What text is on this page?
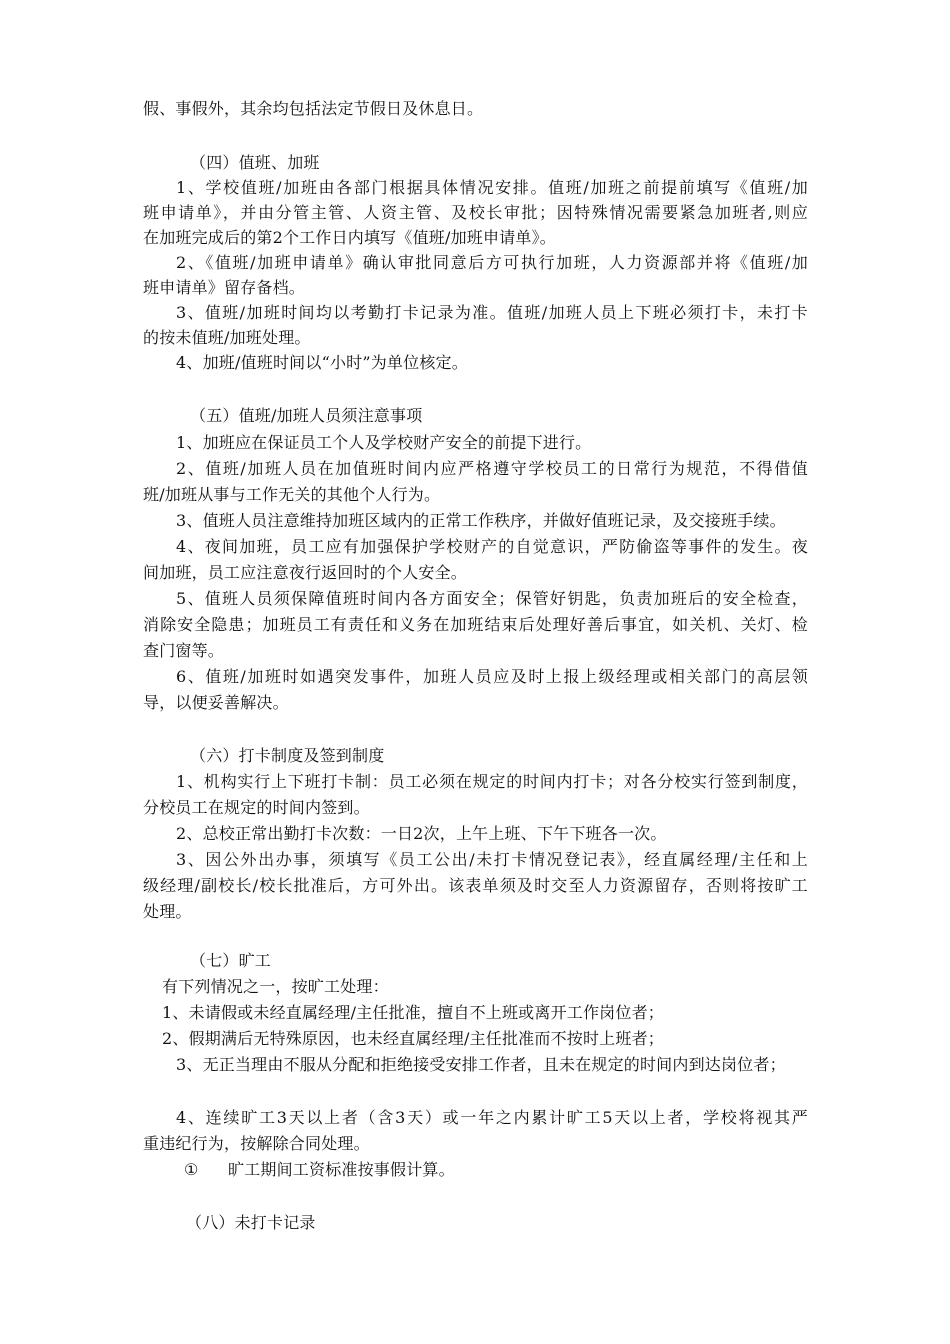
假、事假外，其余均包括法定节假日及休息日。
（四）值班、加班
1、学校值班/加班由各部门根据具体情况安排。值班/加班之前提前填写《值班/加
班申请单》，并由分管主管、人资主管、及校长审批；因特殊情况需要紧急加班者,则应
在加班完成后的第2个工作日内填写《值班/加班申请单》。
2、《值班/加班申请单》确认审批同意后方可执行加班，人力资源部并将《值班/加
班申请单》留存备档。
3、值班/加班时间均以考勤打卡记录为准。值班/加班人员上下班必须打卡，未打卡
的按未值班/加班处理。
4、加班/值班时间以“小时”为单位核定。
（五）值班/加班人员须注意事项
1、加班应在保证员工个人及学校财产安全的前提下进行。
2、值班/加班人员在加值班时间内应严格遵守学校员工的日常行为规范，不得借值
班/加班从事与工作无关的其他个人行为。
3、值班人员注意维持加班区域内的正常工作秩序，并做好值班记录，及交接班手续。
4、夜间加班，员工应有加强保护学校财产的自觉意识，严防偷盗等事件的发生。夜
间加班，员工应注意夜行返回时的个人安全。
5、值班人员须保障值班时间内各方面安全；保管好钥匙，负责加班后的安全检查，
消除安全隐患；加班员工有责任和义务在加班结束后处理好善后事宜，如关机、关灯、检
查门窗等。
6、值班/加班时如遇突发事件，加班人员应及时上报上级经理或相关部门的高层领
导，以便妥善解决。
（六）打卡制度及签到制度
1、机构实行上下班打卡制：员工必须在规定的时间内打卡；对各分校实行签到制度，
分校员工在规定的时间内签到。
2、总校正常出勤打卡次数：一日2次，上午上班、下午下班各一次。
3、因公外出办事，须填写《员工公出/未打卡情况登记表》，经直属经理/主任和上
级经理/副校长/校长批准后，方可外出。该表单须及时交至人力资源留存，否则将按旷工
处理。
（七）旷工
有下列情况之一，按旷工处理：
1、未请假或未经直属经理/主任批准，擅自不上班或离开工作岗位者；
2、假期满后无特殊原因，也未经直属经理/主任批准而不按时上班者；
3、无正当理由不服从分配和拒绝接受安排工作者，且未在规定的时间内到达岗位者；
4、连续旷工3天以上者（含3天）或一年之内累计旷工5天以上者，学校将视其严
重违纪行为，按解除合同处理。
① 旷工期间工资标准按事假计算。
（八）未打卡记录
